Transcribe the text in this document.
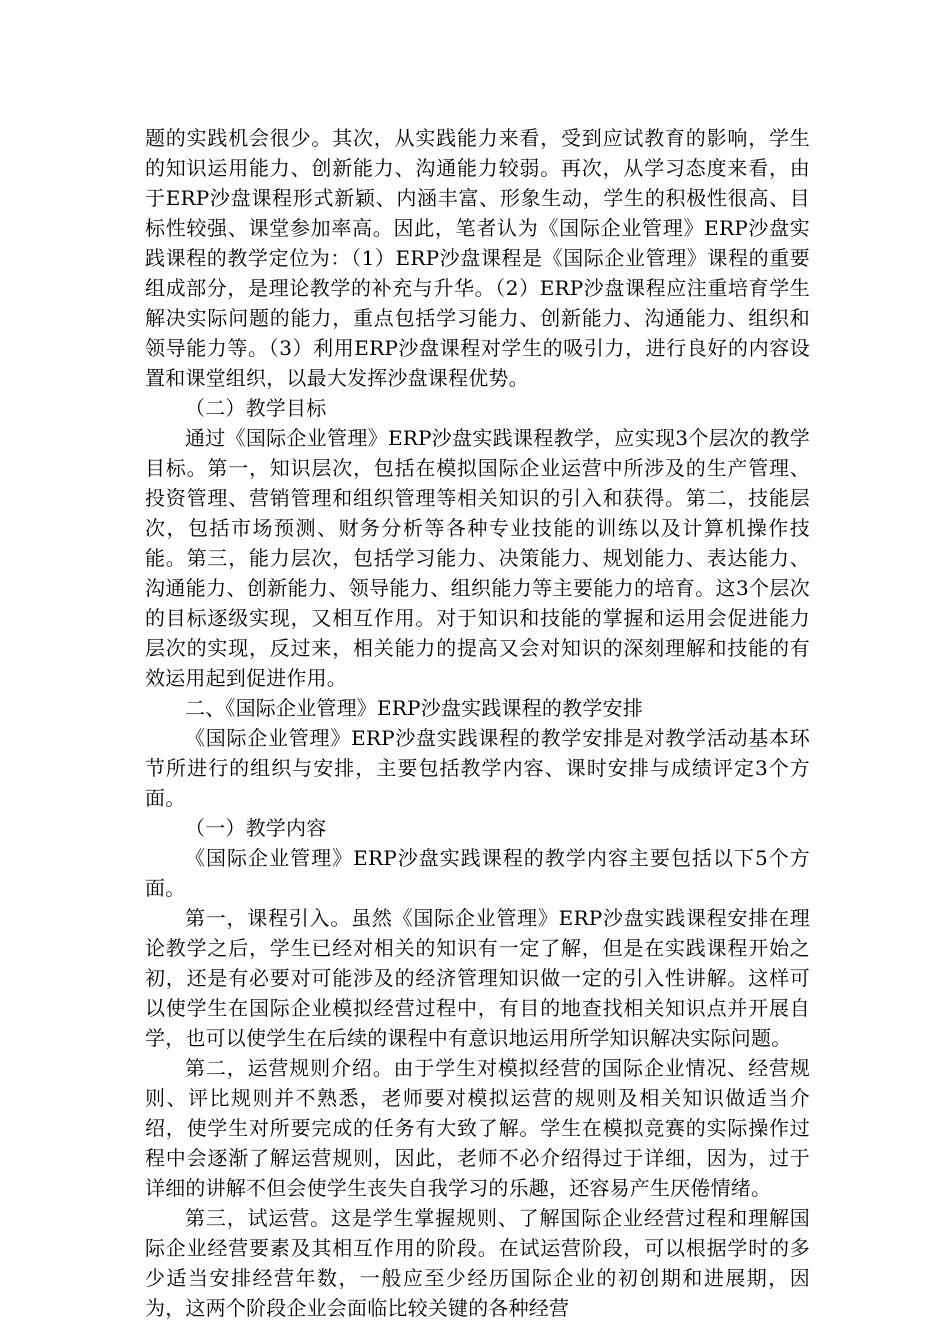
题的实践机会很少。其次，从实践能力来看，受到应试教育的影响，学生的知识运用能力、创新能力、沟通能力较弱。再次，从学习态度来看，由于ERP沙盘课程形式新颖、内涵丰富、形象生动，学生的积极性很高、目标性较强、课堂参加率高。因此，笔者认为《国际企业管理》ERP沙盘实践课程的教学定位为：（1）ERP沙盘课程是《国际企业管理》课程的重要组成部分，是理论教学的补充与升华。（2）ERP沙盘课程应注重培育学生解决实际问题的能力，重点包括学习能力、创新能力、沟通能力、组织和领导能力等。（3）利用ERP沙盘课程对学生的吸引力，进行良好的内容设置和课堂组织，以最大发挥沙盘课程优势。

（二）教学目标

通过《国际企业管理》ERP沙盘实践课程教学，应实现3个层次的教学目标。第一，知识层次，包括在模拟国际企业运营中所涉及的生产管理、投资管理、营销管理和组织管理等相关知识的引入和获得。第二，技能层次，包括市场预测、财务分析等各种专业技能的训练以及计算机操作技能。第三，能力层次，包括学习能力、决策能力、规划能力、表达能力、沟通能力、创新能力、领导能力、组织能力等主要能力的培育。这3个层次的目标逐级实现，又相互作用。对于知识和技能的掌握和运用会促进能力层次的实现，反过来，相关能力的提高又会对知识的深刻理解和技能的有效运用起到促进作用。

二、《国际企业管理》ERP沙盘实践课程的教学安排

《国际企业管理》ERP沙盘实践课程的教学安排是对教学活动基本环节所进行的组织与安排，主要包括教学内容、课时安排与成绩评定3个方面。

（一）教学内容

《国际企业管理》ERP沙盘实践课程的教学内容主要包括以下5个方面。

第一，课程引入。虽然《国际企业管理》ERP沙盘实践课程安排在理论教学之后，学生已经对相关的知识有一定了解，但是在实践课程开始之初，还是有必要对可能涉及的经济管理知识做一定的引入性讲解。这样可以使学生在国际企业模拟经营过程中，有目的地查找相关知识点并开展自学，也可以使学生在后续的课程中有意识地运用所学知识解决实际问题。

第二，运营规则介绍。由于学生对模拟经营的国际企业情况、经营规则、评比规则并不熟悉，老师要对模拟运营的规则及相关知识做适当介绍，使学生对所要完成的任务有大致了解。学生在模拟竞赛的实际操作过程中会逐渐了解运营规则，因此，老师不必介绍得过于详细，因为，过于详细的讲解不但会使学生丧失自我学习的乐趣，还容易产生厌倦情绪。

第三，试运营。这是学生掌握规则、了解国际企业经营过程和理解国际企业经营要素及其相互作用的阶段。在试运营阶段，可以根据学时的多少适当安排经营年数，一般应至少经历国际企业的初创期和进展期，因为，这两个阶段企业会面临比较关键的各种经营
